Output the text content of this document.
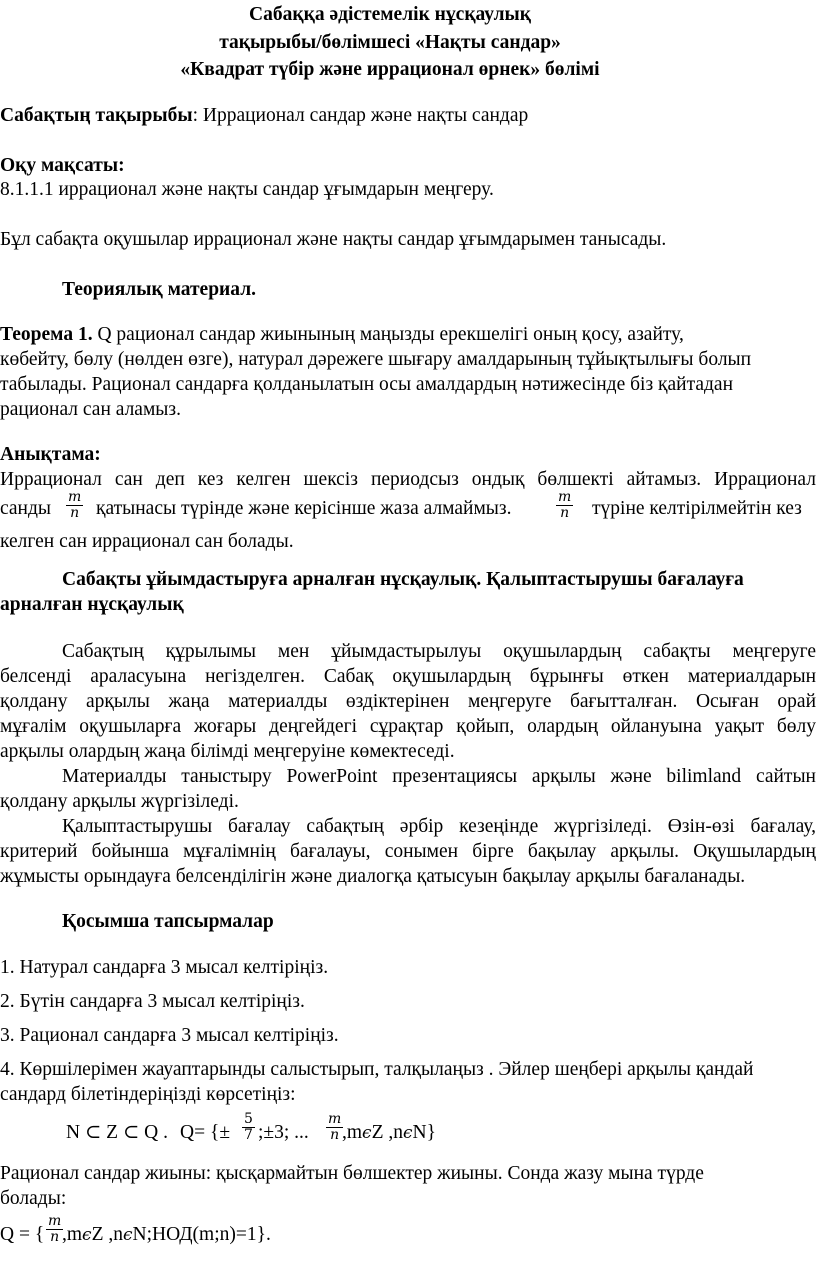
Сабаққа әдістемелік нұсқаулық
тақырыбы/бөлімшесі «Нақты сандар»
«Квадрат түбір және иррационал өрнек» бөлімі
Сабақтың тақырыбы: Иррационал сандар және нақты сандар
Оқу мақсаты:
8.1.1.1 иррационал және нақты сандар ұғымдарын меңгеру.
Бұл сабақта оқушылар иррационал және нақты сандар ұғымдарымен танысады.
Теориялық материал.
Теорема 1. Q рационал сандар жиынының маңызды ерекшелігі оның қосу, азайту,
көбейту, бөлу (нөлден өзге), натурал дәрежеге шығару амалдарының тұйықтылығы болып
табылады. Рационал сандарға қолданылатын осы амалдардың нәтижесінде біз қайтадан
рационал сан аламыз.
Анықтама:
Иррационал сан деп кез келген шексіз периодсыз ондық бөлшекті айтамыз. Иррационал
санды $\frac{m}{n}$ қатынасы түрінде және керісінше жаза алмаймыз.	$\frac{m}{n}$ түріне келтірілмейтін кез
келген сан иррационал сан болады.
Сабақты ұйымдастыруға арналған нұсқаулық. Қалыптастырушы бағалауға
арналған нұсқаулық
Сабақтың құрылымы мен ұйымдастырылуы оқушылардың сабақты меңгеруге
белсенді араласуына негізделген. Сабақ оқушылардың бұрынғы өткен материалдарын
қолдану арқылы жаңа материалды өздіктерінен меңгеруге бағытталған. Осыған орай
мұғалім оқушыларға жоғары деңгейдегі сұрақтар қойып, олардың ойлануына уақыт бөлу
арқылы олардың жаңа білімді меңгеруіне көмектеседі.
Материалды таныстыру PowerPoint презентациясы арқылы және bilimland сайтын
қолдану арқылы жүргізіледі.
Қалыптастырушы бағалау сабақтың әрбір кезеңінде жүргізіледі. Өзін-өзі бағалау,
критерий бойынша мұғалімнің бағалауы, сонымен бірге бақылау арқылы. Оқушылардың
жұмысты орындауға белсенділігін және диалогқа қатысуын бақылау арқылы бағаланады.
Қосымша тапсырмалар
1. Натурал сандарға 3 мысал келтіріңіз.
2. Бүтін сандарға 3 мысал келтіріңіз.
3. Рационал сандарға 3 мысал келтіріңіз.
4. Көршілерімен жауаптарынды салыстырып, талқылаңыз . Эйлер шеңбері арқылы қандай
сандард білетіндеріңізді көрсетіңіз:
N ⊂ Z ⊂ Q . Q= {± $\frac{5}{7}$ ;±3; ... $\frac{m}{n}$
,mϵZ ,nϵN}
Рационал сандар жиыны: қысқармайтын бөлшектер жиыны. Сонда жазу мына түрде
болады:
Q = { $\frac{m}{n}$
,mϵZ ,nϵN;НОД(m;n)=1}.
